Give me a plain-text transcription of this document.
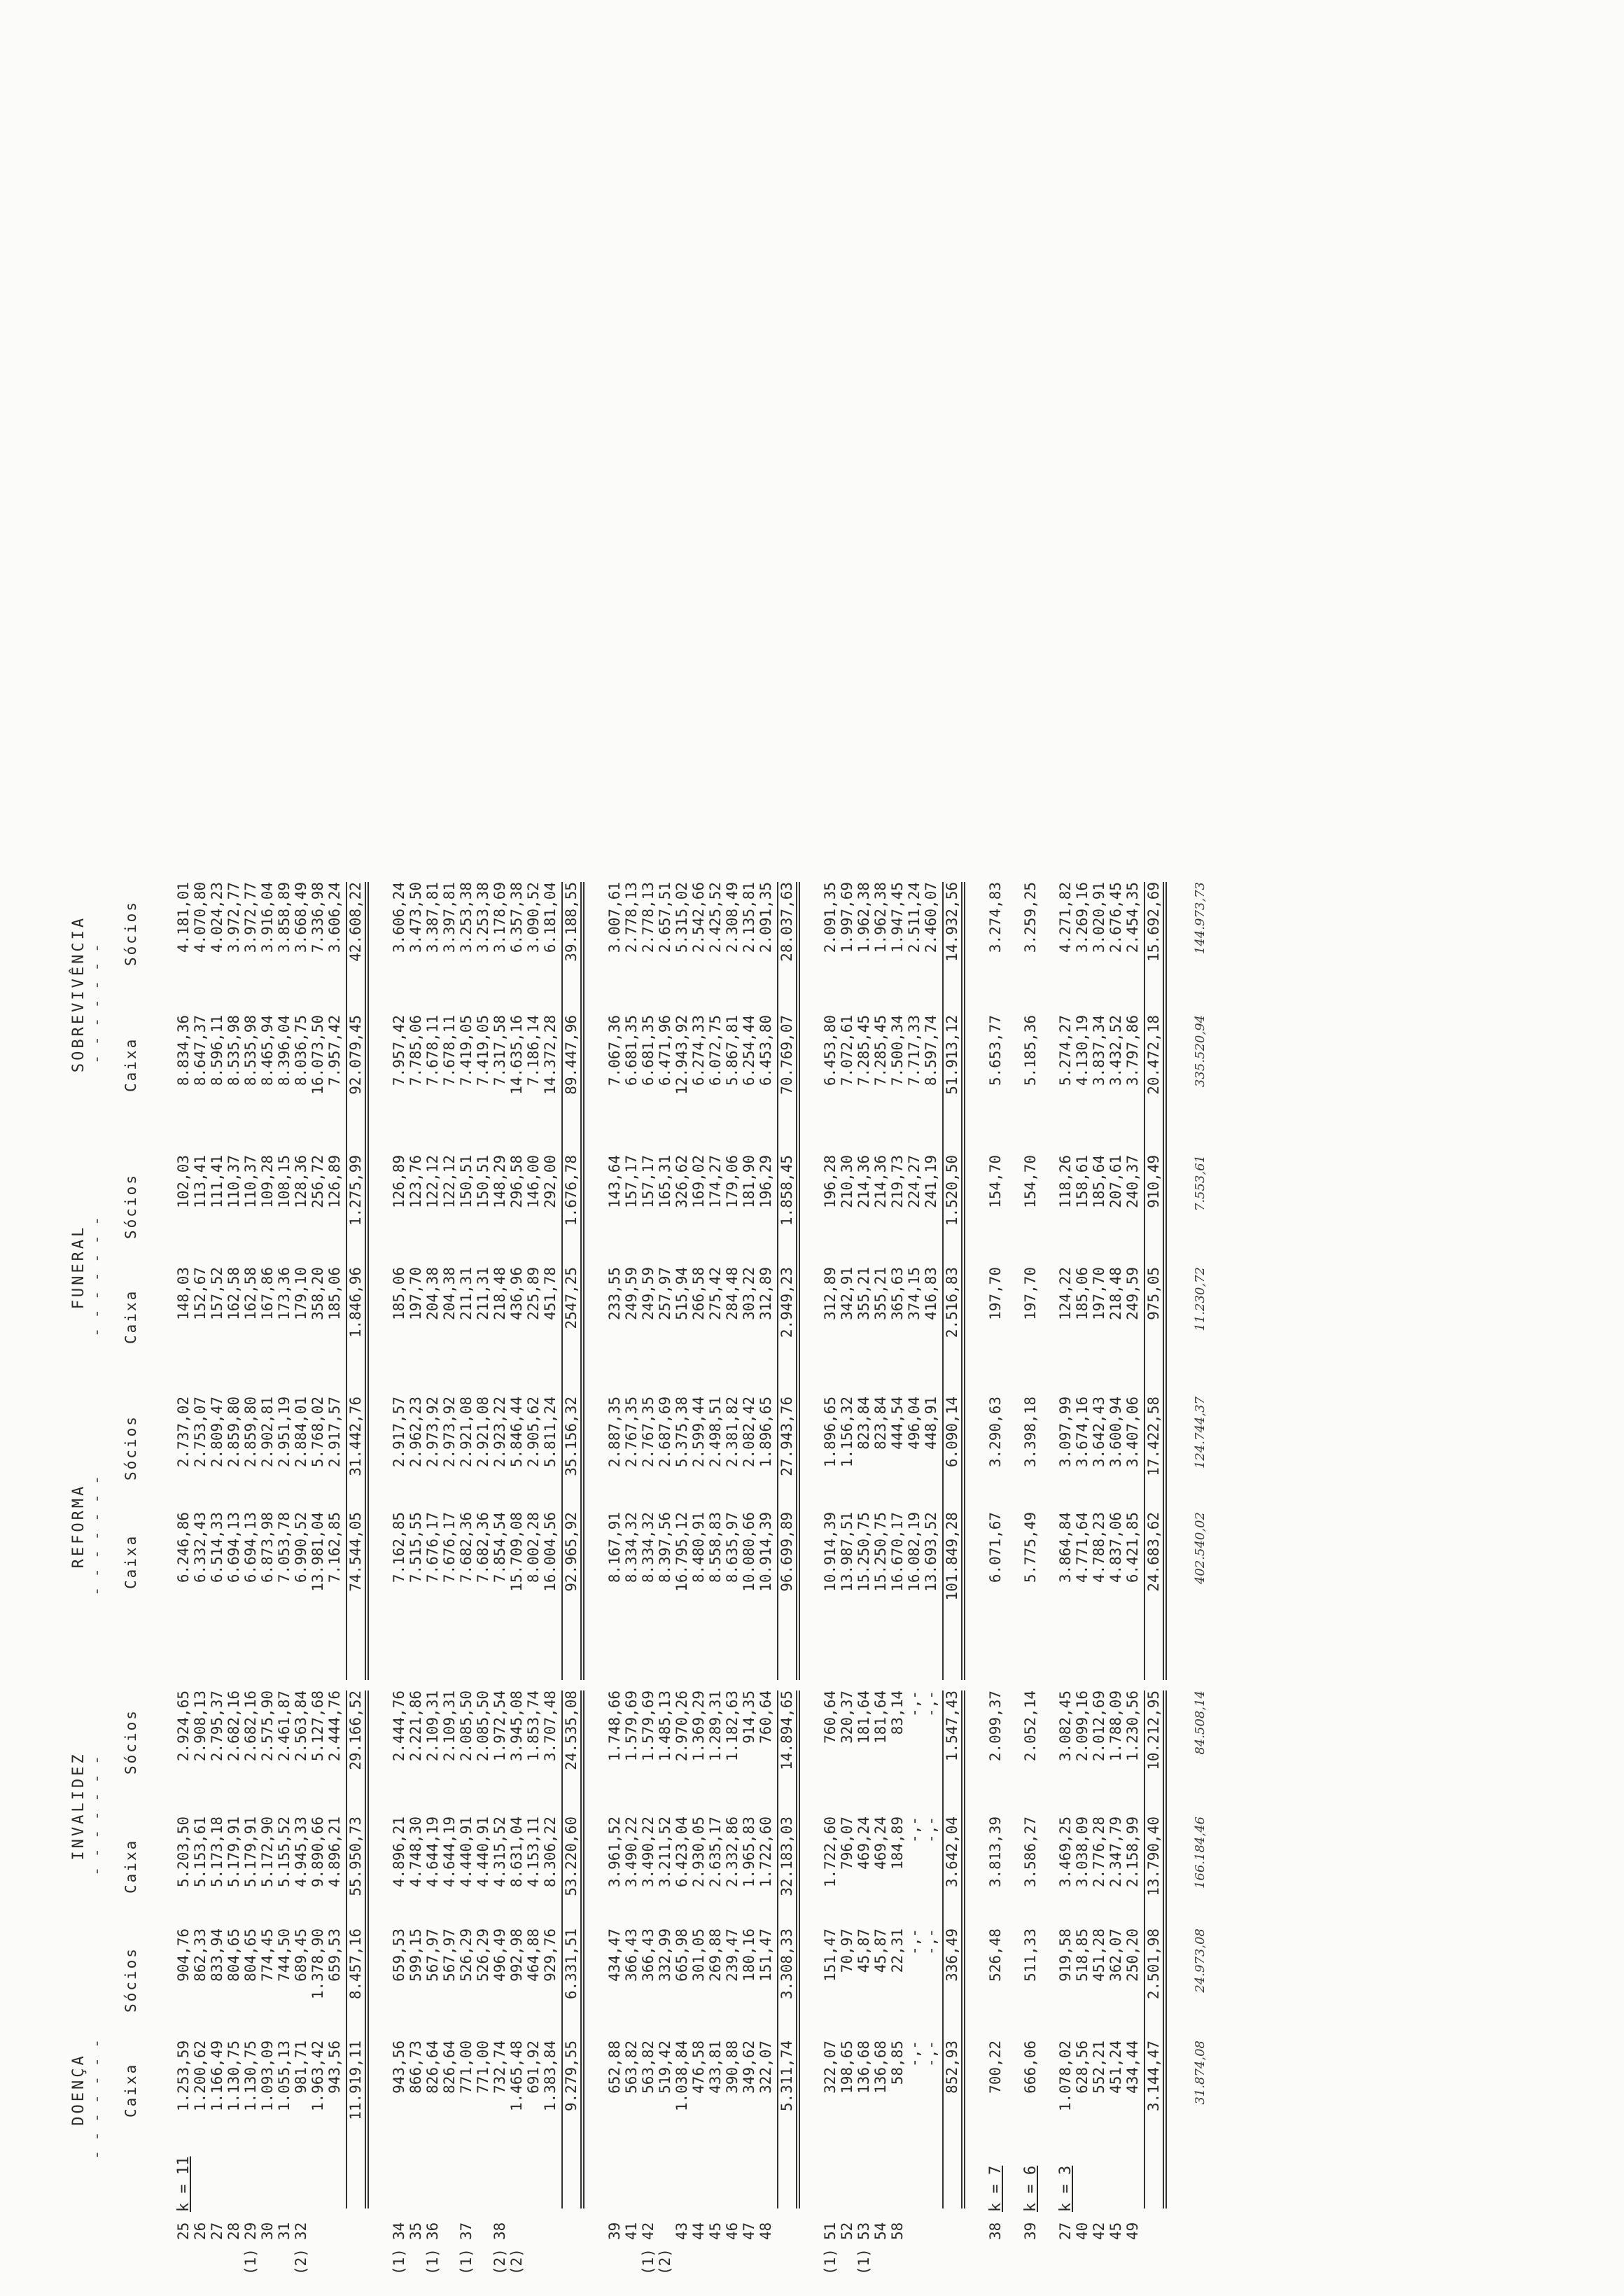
DOENÇA - - - - - - - Caixa
Sócios
INVALIDEZ - - - - - - - Caixa
Sócios
REFORMA - - - - - - - Caixa
Sócios
FUNERAL - - - - - - - Caixa
Sócios
SOBREVIVÊNCIA - - - - - - -
Caixa
Sócios
k = 11
25
1.253,59
904,76
5.203,50
2.924,65
6.246,86
2.737,02
148,03
102,03
8.834,36
4.181,01
26
1.200,62
862,33
5.153,61
2.908,13
6.332,43
2.753,07
152,67
113,41
8.647,37
4.070,80
27
1.166,49
833,94
5.173,18
2.795,37
6.514,33
2.809,47
157,52
111,41
8.596,11
4.024,23
28
1.130,75
804,65
5.179,91
2.682,16
6.694,13
2.859,80
162,58
110,37
8.535,98
3.972,77
(1)
29
1.130,75
804,65
5.179,91
2.682,16
6.694,13
2.859,80
162,58
110,37
8.535,98
3.972,77
30
1.093,09
774,45
5.172,90
2.575,90
6.873,98
2.902,81
167,86
109,28
8.465,94
3.916,04
31
1.055,13
744,50
5.155,52
2.461,87
7.053,78
2.951,19
173,36
108,15
8.396,04
3.858,89
(2)
32
981,71
689,45
4.945,33
2.563,84
6.990,52
2.884,01
179,10
128,36
8.036,75
3.668,49
1.963,42
1.378,90
9.890,66
5.127,68
13.981,04
5.768,02
358,20
256,72
16.073,50
7.336,98
943,56
659,53
4.896,21
2.444,76
7.162,85
2.917,57
185,06
126,89
7.957,42
3.606,24
11.919,11
8.457,16
55.950,73
29.166,52
74.544,05
31.442,76
1.846,96
1.275,99
92.079,45
42.608,22
(1)
34
943,56
659,53
4.896,21
2.444,76
7.162,85
2.917,57
185,06
126,89
7.957,42
3.606,24
35
866,73
599,15
4.748,30
2.221,86
7.515,55
2.962,23
197,70
123,76
7.785,06
3.473,50
(1)
36
826,64
567,97
4.644,19
2.109,31
7.676,17
2.973,92
204,38
122,12
7.678,11
3.387,81
826,64
567,97
4.644,19
2.109,31
7.676,17
2.973,92
204,38
122,12
7.678,11
3.397,81
(1)
37
771,00
526,29
4.440,91
2.085,50
7.682,36
2.921,08
211,31
150,51
7.419,05
3.253,38
771,00
526,29
4.440,91
2.085,50
7.682,36
2.921,08
211,31
150,51
7.419,05
3.253,38
(2)
38
732,74
496,49
4.315,52
1.972,54
7.854,54
2.923,22
218,48
148,29
7.317,58
3.178,69
(2)
1.465,48
992,98
8.631,04
3.945,08
15.709,08
5.846,44
436,96
296,58
14.635,16
6.357,38
691,92
464,88
4.153,11
1.853,74
8.002,28
2.905,62
225,89
146,00
7.186,14
3.090,52
1.383,84
929,76
8.306,22
3.707,48
16.004,56
5.811,24
451,78
292,00
14.372,28
6.181,04
9.279,55
6.331,51
53.220,60
24.535,08
92.965,92
35.156,32
2547,25
1.676,78
89.447,96
39.188,55
39
652,88
434,47
3.961,52
1.748,66
8.167,91
2.887,35
233,55
143,64
7.067,36
3.007,61
41
563,82
366,43
3.490,22
1.579,69
8.334,32
2.767,35
249,59
157,17
6.681,35
2.778,13
(1)
42
563,82
366,43
3.490,22
1.579,69
8.334,32
2.767,35
249,59
157,17
6.681,35
2.778,13
(2)
519,42
332,99
3.211,52
1.485,13
8.397,56
2.687,69
257,97
165,31
6.471,96
2.657,51
43
1.038,84
665,98
6.423,04
2.970,26
16.795,12
5.375,38
515,94
326,62
12.943,92
5.315,02
44
476,58
301,05
2.930,05
1.369,29
8.480,91
2.599,44
266,58
169,02
6.274,33
2.542,66
45
433,81
269,88
2.635,17
1.289,31
8.558,83
2.498,51
275,42
174,27
6.072,75
2.425,52
46
390,88
239,47
2.332,86
1.182,63
8.635,97
2.381,82
284,48
179,06
5.867,81
2.308,49
47
349,62
180,16
1.965,83
914,35
10.080,66
2.082,42
303,22
181,90
6.254,44
2.135,81
48
322,07
151,47
1.722,60
760,64
10.914,39
1.896,65
312,89
196,29
6.453,80
2.091,35
5.311,74
3.308,33
32.183,03
14.894,65
96.699,89
27.943,76
2.949,23
1.858,45
70.769,07
28.037,63
(1)
51
322,07
151,47
1.722,60
760,64
10.914,39
1.896,65
312,89
196,28
6.453,80
2.091,35
52
198,65
70,97
796,07
320,37
13.987,51
1.156,32
342,91
210,30
7.072,61
1.997,69
(1)
53
136,68
45,87
469,24
181,64
15.250,75
823,84
355,21
214,36
7.285,45
1.962,38
54
136,68
45,87
469,24
181,64
15.250,75
823,84
355,21
214,36
7.285,45
1.962,38
58
58,85
22,31
184,89
83,14
16.670,17
444,54
365,63
219,73
7.500,34
1.947,45
-,-
-,-
-,-
-,-
16.082,19
496,04
374,15
224,27
7.717,33
2.511,24
-,-
-,-
-,-
-,-
13.693,52
448,91
416,83
241,19
8.597,74
2.460,07
852,93
336,49
3.642,04
1.547,43
101.849,28
6.090,14
2.516,83
1.520,50
51.913,12
14.932,56
k = 7
38
700,22
526,48
3.813,39
2.099,37
6.071,67
3.290,63
197,70
154,70
5.653,77
3.274,83
k = 6
39
666,06
511,33
3.586,27
2.052,14
5.775,49
3.398,18
197,70
154,70
5.185,36
3.259,25
k = 3
27
1.078,02
919,58
3.469,25
3.082,45
3.864,84
3.097,99
124,22
118,26
5.274,27
4.271,82
40
628,56
518,85
3.038,09
2.099,16
4.771,64
3.674,16
185,06
158,61
4.130,19
3.269,16
42
552,21
451,28
2.776,28
2.012,69
4.788,23
3.642,43
197,70
185,64
3.837,34
3.020,91
45
451,24
362,07
2.347,79
1.788,09
4.837,06
3.600,94
218,48
207,61
3.432,52
2.676,45
49
434,44
250,20
2.158,99
1.230,56
6.421,85
3.407,06
249,59
240,37
3.797,86
2.454,35
3.144,47
2.501,98
13.790,40
10.212,95
24.683,62
17.422,58
975,05
910,49
20.472,18
15.692,69
31.874,08
24.973,08
166.184,46
84.508,14
402.540,02
124.744,37
11.230,72
7.553,61
335.520,94
144.973,73
